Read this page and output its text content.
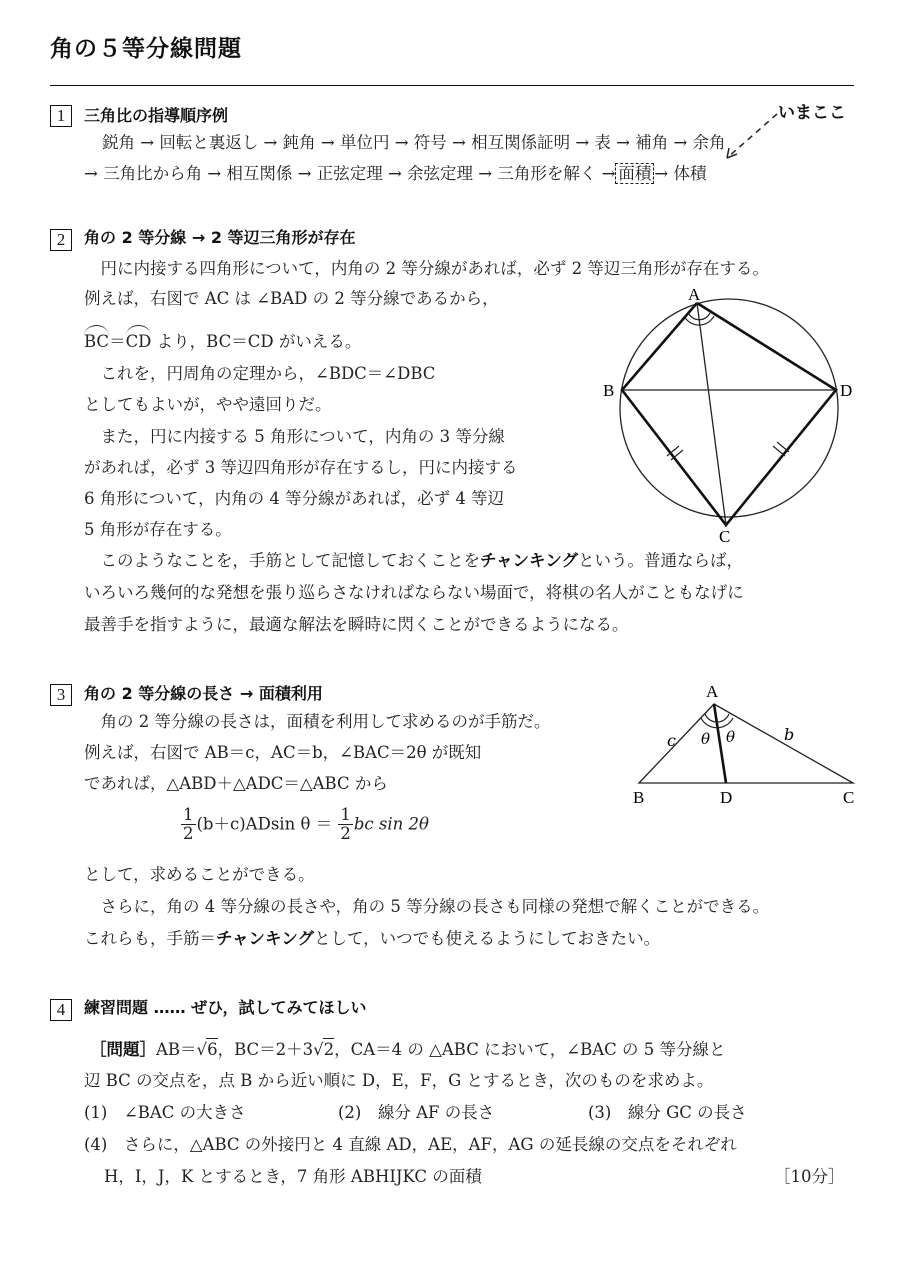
角の５等分線問題
1	三角比の指導順序例	いまここ
鋭角 → 回転と裏返し → 鈍角 → 単位円 → 符号 → 相互関係証明 → 表 → 補角 → 余角
→ 三角比から角 → 相互関係 → 正弦定理 → 余弦定理 → 三角形を解く → 面積 → 体積
2	角の 2 等分線 → 2 等辺三角形が存在
　円に内接する四角形について，内角の 2 等分線があれば，必ず 2 等辺三角形が存在する。
例えば，右図で AC は ∠BAD の 2 等分線であるから，
BC＝CD より，BC＝CD がいえる。
　これを，円周角の定理から，∠BDC＝∠DBC
としてもよいが，やや遠回りだ。
　また，円に内接する 5 角形について，内角の 3 等分線
があれば，必ず 3 等辺四角形が存在するし，円に内接する
6 角形について，内角の 4 等分線があれば，必ず 4 等辺
5 角形が存在する。
A
B	D
C
　このようなことを，手筋として記憶しておくことをチャンキングという。普通ならば，
いろいろ幾何的な発想を張り巡らさなければならない場面で，将棋の名人がこともなげに
最善手を指すように，最適な解法を瞬時に閃くことができるようになる。
3	角の 2 等分線の長さ → 面積利用
　角の 2 等分線の長さは，面積を利用して求めるのが手筋だ。
例えば，右図で AB＝c，AC＝b，∠BAC＝2θ が既知
であれば，△ABD＋△ADC＝△ABC から
$\frac{1}{2} (b+c)ADsin$ $\theta = \frac{1}{2}$ bc sin 2θ
A
B	D	C
c	b
θ θ
として，求めることができる。
　さらに，角の 4 等分線の長さや，角の 5 等分線の長さも同様の発想で解くことができる。
これらも，手筋＝チャンキングとして，いつでも使えるようにしておきたい。
4	練習問題 …… ぜひ，試してみてほしい
［問題］AB＝√6，BC＝2＋3√2，CA＝4 の △ABC において，∠BAC の 5 等分線と
辺 BC の交点を，点 B から近い順に D，E，F，G とするとき，次のものを求めよ。
(1)　∠BAC の大きさ	(2)　線分 AF の長さ	(3)　線分 GC の長さ
(4)　さらに，△ABC の外接円と 4 直線 AD，AE，AF，AG の延長線の交点をそれぞれ
H，I，J，K とするとき，7 角形 ABHIJKC の面積	［10分］
